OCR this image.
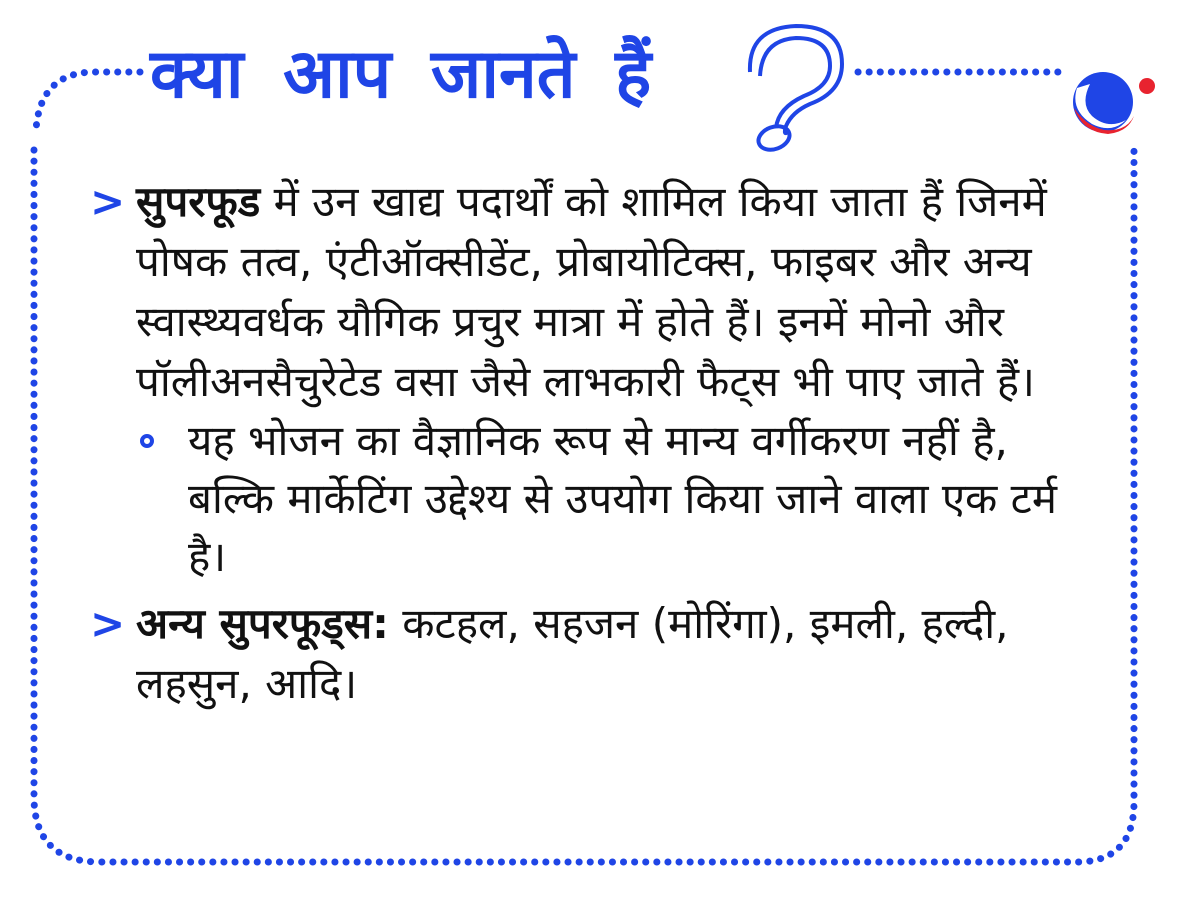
क्या आप जानते हैं
> सुपरफूड में उन खाद्य पदार्थों को शामिल किया जाता हैं जिनमें पोषक तत्व, एंटीऑक्सीडेंट, प्रोबायोटिक्स, फाइबर और अन्य स्वास्थ्यवर्धक यौगिक प्रचुर मात्रा में होते हैं। इनमें मोनो और पॉलीअनसैचुरेटेड वसा जैसे लाभकारी फैट्स भी पाए जाते हैं।
यह भोजन का वैज्ञानिक रूप से मान्य वर्गीकरण नहीं है, बल्कि मार्केटिंग उद्देश्य से उपयोग किया जाने वाला एक टर्म है।
> अन्य सुपरफूड्स: कटहल, सहजन (मोरिंगा), इमली, हल्दी, लहसुन, आदि।
